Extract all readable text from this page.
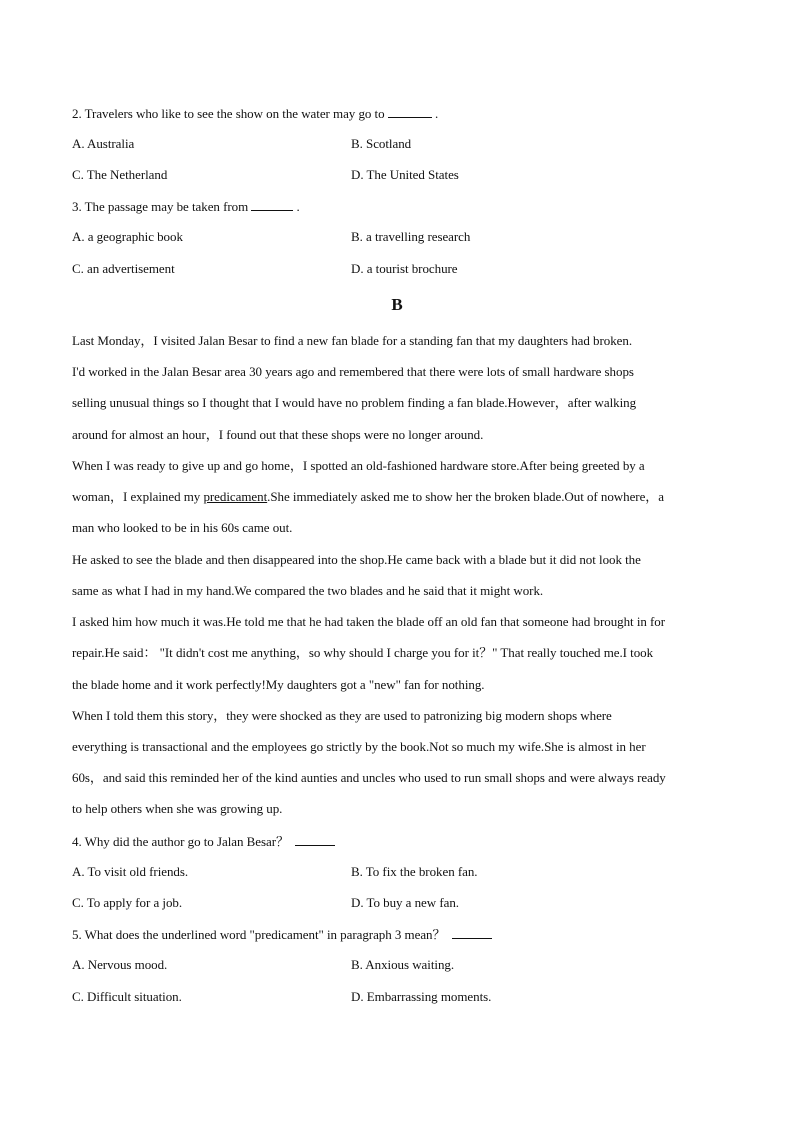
2. Travelers who like to see the show on the water may go to	.
A. Australia	B. Scotland
C. The Netherland	D. The United States
3. The passage may be taken from	.
A. a geographic book	B. a travelling research
C. an advertisement	D. a tourist brochure
B
Last Monday，I visited Jalan Besar to find a new fan blade for a standing fan that my daughters had broken.
I'd worked in the Jalan Besar area 30 years ago and remembered that there were lots of small hardware shops
selling unusual things so I thought that I would have no problem finding a fan blade.However，after walking
around for almost an hour，I found out that these shops were no longer around.
When I was ready to give up and go home，I spotted an old-fashioned hardware store.After being greeted by a
woman，I explained my predicament.She immediately asked me to show her the broken blade.Out of nowhere，a
man who looked to be in his 60s came out.
He asked to see the blade and then disappeared into the shop.He came back with a blade but it did not look the
same as what I had in my hand.We compared the two blades and he said that it might work.
I asked him how much it was.He told me that he had taken the blade off an old fan that someone had brought in for
repair.He said： "It didn't cost me anything，so why should I charge you for it？" That really touched me.I took
the blade home and it work perfectly!My daughters got a "new" fan for nothing.
When I told them this story，they were shocked as they are used to patronizing big modern shops where
everything is transactional and the employees go strictly by the book.Not so much my wife.She is almost in her
60s，and said this reminded her of the kind aunties and uncles who used to run small shops and were always ready
to help others when she was growing up.
4. Why did the author go to Jalan Besar？
A. To visit old friends.	B. To fix the broken fan.
C. To apply for a job.	D. To buy a new fan.
5. What does the underlined word "predicament" in paragraph 3 mean？
A. Nervous mood.	B. Anxious waiting.
C. Difficult situation.	D. Embarrassing moments.
